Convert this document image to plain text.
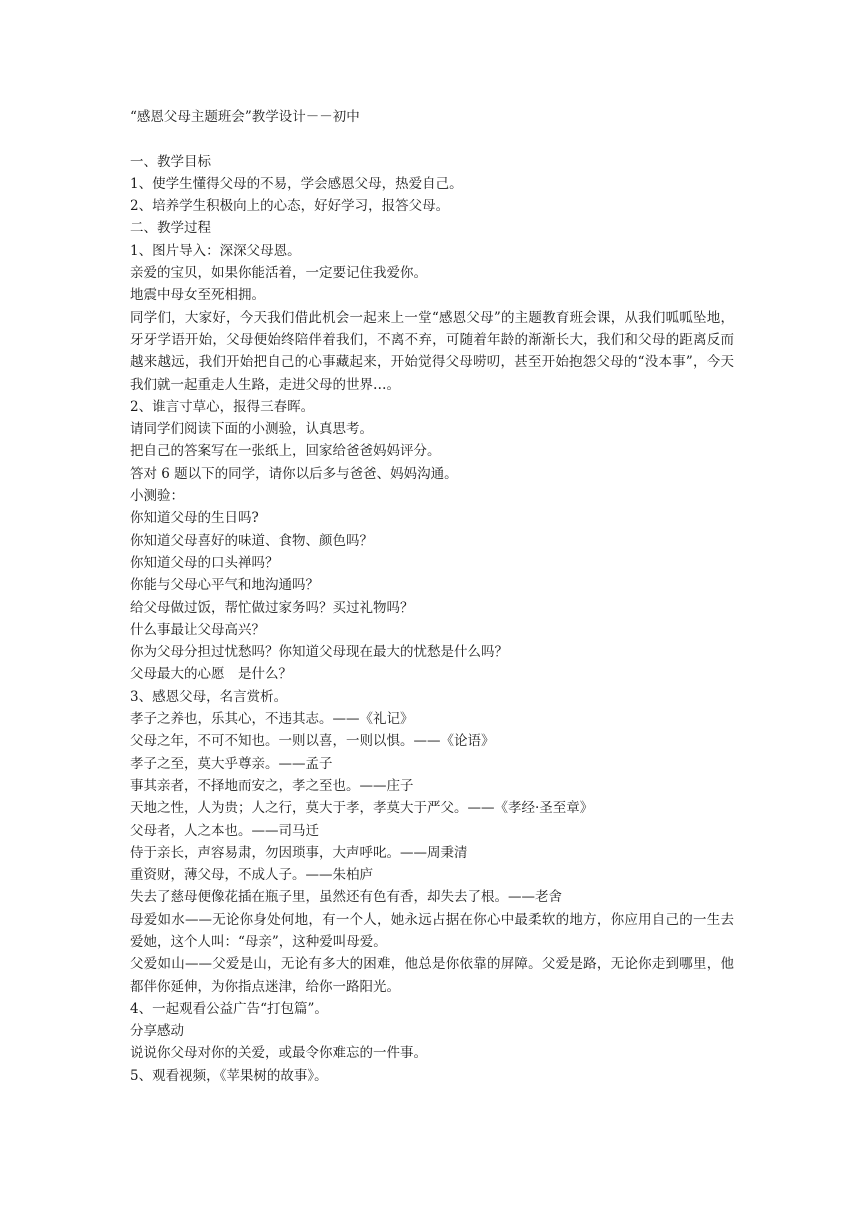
“感恩父母主题班会”教学设计－－初中
一、教学目标
1、使学生懂得父母的不易，学会感恩父母，热爱自己。
2、培养学生积极向上的心态，好好学习，报答父母。
二、教学过程
1、图片导入：深深父母恩。
亲爱的宝贝，如果你能活着，一定要记住我爱你。
地震中母女至死相拥。
同学们，大家好，今天我们借此机会一起来上一堂“感恩父母”的主题教育班会课，从我们呱呱坠地，牙牙学语开始，父母便始终陪伴着我们，不离不弃，可随着年龄的渐渐长大，我们和父母的距离反而越来越远，我们开始把自己的心事藏起来，开始觉得父母唠叨，甚至开始抱怨父母的“没本事”，今天我们就一起重走人生路，走进父母的世界…。
2、谁言寸草心，报得三春晖。
请同学们阅读下面的小测验，认真思考。
把自己的答案写在一张纸上，回家给爸爸妈妈评分。
答对 6 题以下的同学，请你以后多与爸爸、妈妈沟通。
小测验：
你知道父母的生日吗?
你知道父母喜好的味道、食物、颜色吗？
你知道父母的口头禅吗？
你能与父母心平气和地沟通吗？
给父母做过饭，帮忙做过家务吗？买过礼物吗？
什么事最让父母高兴？
你为父母分担过忧愁吗？你知道父母现在最大的忧愁是什么吗？
父母最大的心愿　是什么？
3、感恩父母，名言赏析。
孝子之养也，乐其心，不违其志。——《礼记》
父母之年，不可不知也。一则以喜，一则以惧。——《论语》
孝子之至，莫大乎尊亲。——孟子
事其亲者，不择地而安之，孝之至也。——庄子
天地之性，人为贵；人之行，莫大于孝，孝莫大于严父。——《孝经·圣至章》
父母者，人之本也。——司马迁
侍于亲长，声容易肃，勿因琐事，大声呼叱。——周秉清
重资财，薄父母，不成人子。——朱柏庐
失去了慈母便像花插在瓶子里，虽然还有色有香，却失去了根。——老舍
母爱如水——无论你身处何地，有一个人，她永远占据在你心中最柔软的地方，你应用自己的一生去爱她，这个人叫：“母亲”，这种爱叫母爱。
父爱如山——父爱是山，无论有多大的困难，他总是你依靠的屏障。父爱是路，无论你走到哪里，他都伴你延伸，为你指点迷津，给你一路阳光。
4、一起观看公益广告“打包篇”。
分享感动
说说你父母对你的关爱，或最令你难忘的一件事。
5、观看视频，《苹果树的故事》。
